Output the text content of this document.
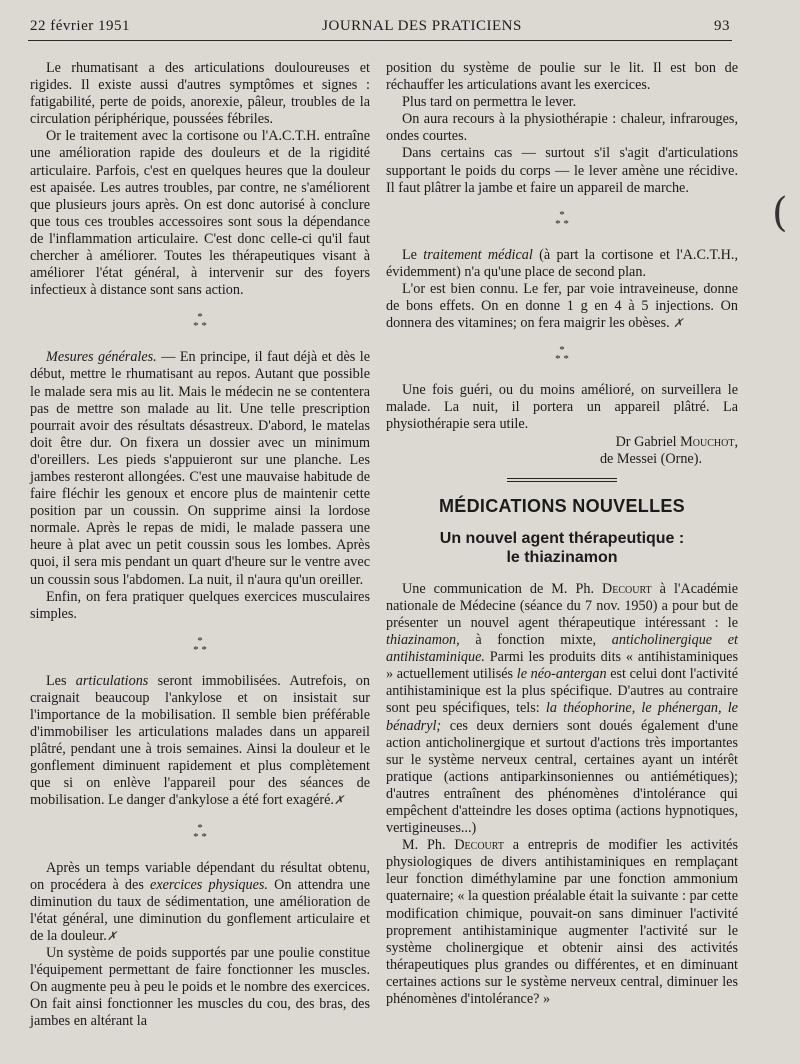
22 février 1951	JOURNAL DES PRATICIENS	93

Le rhumatisant a des articulations douloureuses et rigides. Il existe aussi d'autres symptômes et signes : fatigabilité, perte de poids, anorexie, pâleur, troubles de la circulation périphérique, poussées fébriles.

Or le traitement avec la cortisone ou l'A.C.T.H. entraîne une amélioration rapide des douleurs et de la rigidité articulaire. Parfois, c'est en quelques heures que la douleur est apaisée. Les autres troubles, par contre, ne s'améliorent que plusieurs jours après. On est donc autorisé à conclure que tous ces troubles accessoires sont sous la dépendance de l'inflammation articulaire. C'est donc celle-ci qu'il faut chercher à améliorer. Toutes les thérapeutiques visant à améliorer l'état général, à intervenir sur des foyers infectieux à distance sont sans action.

*
* *

Mesures générales. — En principe, il faut déjà et dès le début, mettre le rhumatisant au repos. Autant que possible le malade sera mis au lit. Mais le médecin ne se contentera pas de mettre son malade au lit. Une telle prescription pourrait avoir des résultats désastreux. D'abord, le matelas doit être dur. On fixera un dossier avec un minimum d'oreillers. Les pieds s'appuieront sur une planche. Les jambes resteront allongées. C'est une mauvaise habitude de faire fléchir les genoux et encore plus de maintenir cette position par un coussin. On supprime ainsi la lordose normale. Après le repas de midi, le malade passera une heure à plat avec un petit coussin sous les lombes. Après quoi, il sera mis pendant un quart d'heure sur le ventre avec un coussin sous l'abdomen. La nuit, il n'aura qu'un oreiller.

Enfin, on fera pratiquer quelques exercices musculaires simples.

*
* *

Les articulations seront immobilisées. Autrefois, on craignait beaucoup l'ankylose et on insistait sur l'importance de la mobilisation. Il semble bien préférable d'immobiliser les articulations malades dans un appareil plâtré, pendant une à trois semaines. Ainsi la douleur et le gonflement diminuent rapidement et plus complètement que si on enlève l'appareil pour des séances de mobilisation. Le danger d'ankylose a été fort exagéré.✗

*
* *

Après un temps variable dépendant du résultat obtenu, on procédera à des exercices physiques. On attendra une diminution du taux de sédimentation, une amélioration de l'état général, une diminution du gonflement articulaire et de la douleur.✗

Un système de poids supportés par une poulie constitue l'équipement permettant de faire fonctionner les muscles. On augmente peu à peu le poids et le nombre des exercices. On fait ainsi fonctionner les muscles du cou, des bras, des jambes en altérant la

position du système de poulie sur le lit. Il est bon de réchauffer les articulations avant les exercices.

Plus tard on permettra le lever.

On aura recours à la physiothérapie : chaleur, infrarouges, ondes courtes.

Dans certains cas — surtout s'il s'agit d'articulations supportant le poids du corps — le lever amène une récidive. Il faut plâtrer la jambe et faire un appareil de marche.

*
* *

Le traitement médical (à part la cortisone et l'A.C.T.H., évidemment) n'a qu'une place de second plan.

L'or est bien connu. Le fer, par voie intraveineuse, donne de bons effets. On en donne 1 g en 4 à 5 injections. On donnera des vitamines; on fera maigrir les obèses. ✗

*
* *

Une fois guéri, ou du moins amélioré, on surveillera le malade. La nuit, il portera un appareil plâtré. La physiothérapie sera utile.

Dr Gabriel Mouchot,

de Messei (Orne).

MÉDICATIONS NOUVELLES
Un nouvel agent thérapeutique :
le thiazinamon

Une communication de M. Ph. Decourt à l'Académie nationale de Médecine (séance du 7 nov. 1950) a pour but de présenter un nouvel agent thérapeutique intéressant : le thiazinamon, à fonction mixte, anticholinergique et antihistaminique. Parmi les produits dits « antihistaminiques » actuellement utilisés le néo-antergan est celui dont l'activité antihistaminique est la plus spécifique. D'autres au contraire sont peu spécifiques, tels: la théophorine, le phénergan, le bénadryl; ces deux derniers sont doués également d'une action anticholinergique et surtout d'actions très importantes sur le système nerveux central, certaines ayant un intérêt pratique (actions antiparkinsoniennes ou antiémétiques); d'autres entraînent des phénomènes d'intolérance qui empêchent d'atteindre les doses optima (actions hypnotiques, vertigineuses...)

M. Ph. Decourt a entrepris de modifier les activités physiologiques de divers antihistaminiques en remplaçant leur fonction diméthylamine par une fonction ammonium quaternaire; « la question préalable était la suivante : par cette modification chimique, pouvait-on sans diminuer l'activité proprement antihistaminique augmenter l'activité sur le système cholinergique et obtenir ainsi des activités thérapeutiques plus grandes ou différentes, et en diminuant certaines actions sur le système nerveux central, diminuer les phénomènes d'intolérance? »

(
